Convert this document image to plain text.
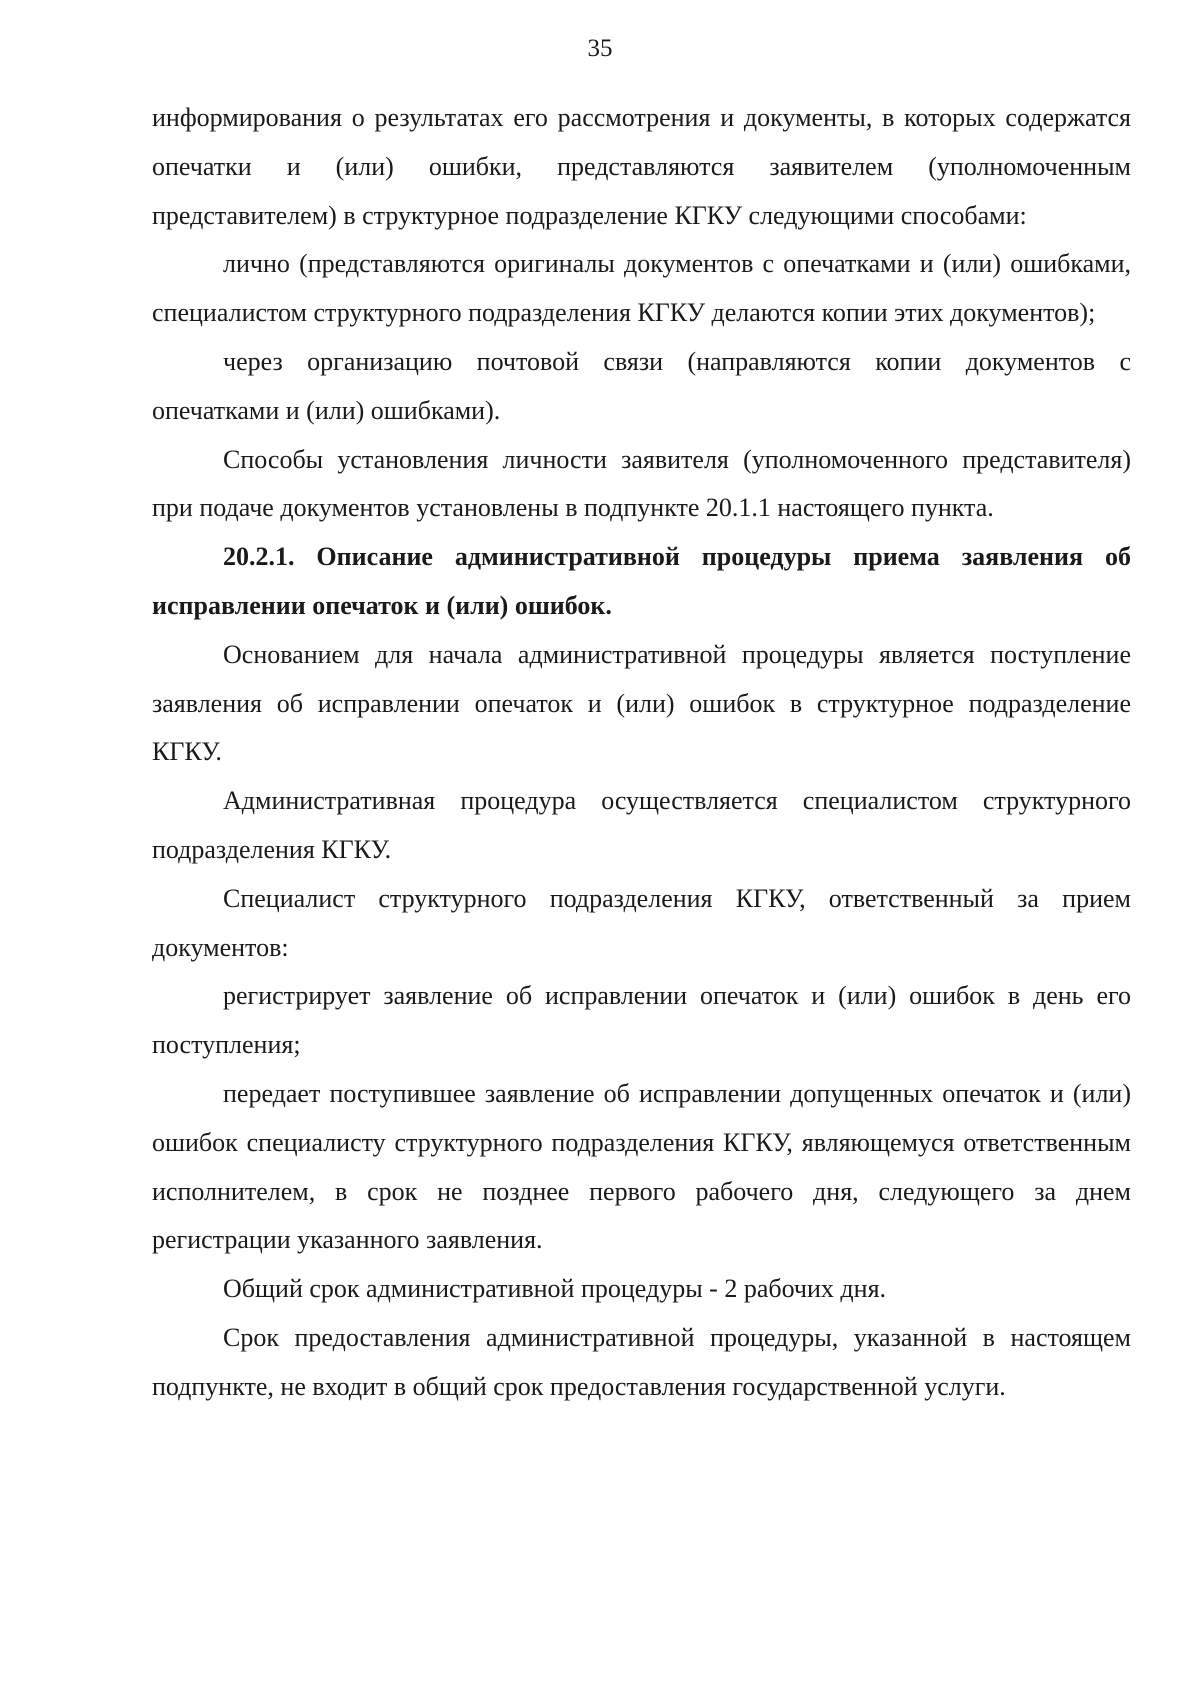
35

информирования о результатах его рассмотрения и документы, в которых содержатся опечатки и (или) ошибки, представляются заявителем (уполномоченным представителем) в структурное подразделение КГКУ следующими способами:

лично (представляются оригиналы документов с опечатками и (или) ошибками, специалистом структурного подразделения КГКУ делаются копии этих документов);

через организацию почтовой связи (направляются копии документов с опечатками и (или) ошибками).

Способы установления личности заявителя (уполномоченного представителя) при подаче документов установлены в подпункте 20.1.1 настоящего пункта.

20.2.1. Описание административной процедуры приема заявления об исправлении опечаток и (или) ошибок.

Основанием для начала административной процедуры является поступление заявления об исправлении опечаток и (или) ошибок в структурное подразделение КГКУ.

Административная процедура осуществляется специалистом структурного подразделения КГКУ.

Специалист структурного подразделения КГКУ, ответственный за прием документов:

регистрирует заявление об исправлении опечаток и (или) ошибок в день его поступления;

передает поступившее заявление об исправлении допущенных опечаток и (или) ошибок специалисту структурного подразделения КГКУ, являющемуся ответственным исполнителем, в срок не позднее первого рабочего дня, следующего за днем регистрации указанного заявления.

Общий срок административной процедуры - 2 рабочих дня.

Срок предоставления административной процедуры, указанной в настоящем подпункте, не входит в общий срок предоставления государственной услуги.
